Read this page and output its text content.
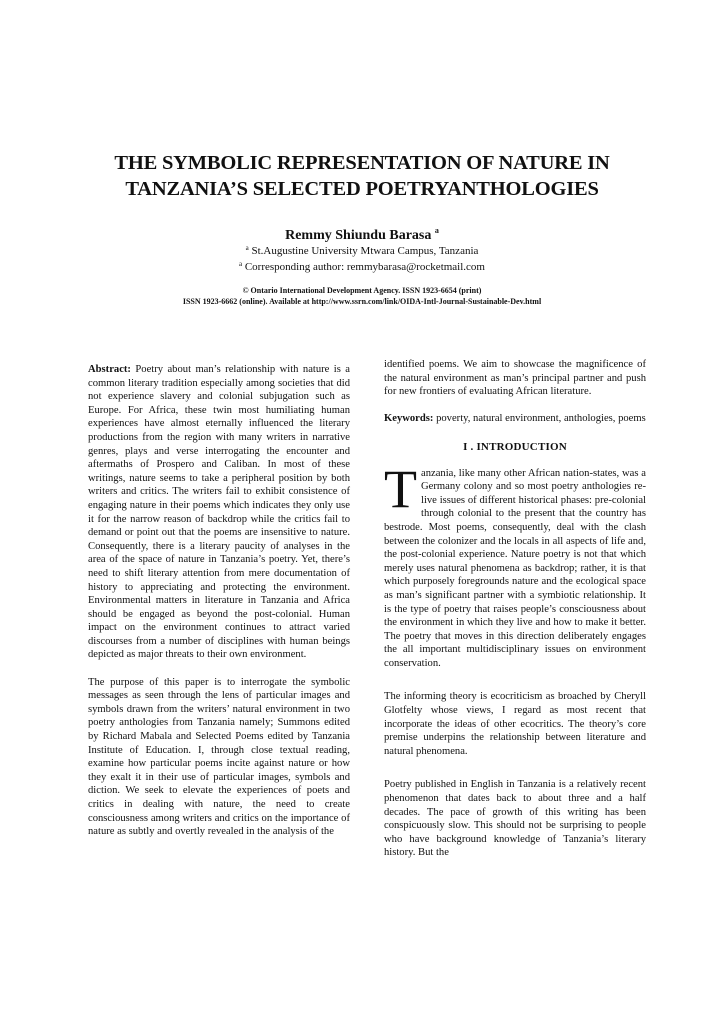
THE SYMBOLIC REPRESENTATION OF NATURE IN
TANZANIA’S SELECTED POETRYANTHOLOGIES
Remmy Shiundu Barasa $^a$
$^a$ St.Augustine University Mtwara Campus, Tanzania
$^a$ Corresponding author: remmybarasa@rocketmail.com
© Ontario International Development Agency. ISSN 1923-6654 (print)
ISSN 1923-6662 (online). Available at http://www.ssrn.com/link/OIDA-Intl-Journal-Sustainable-Dev.html

Abstract: Poetry about man’s relationship with nature is a common literary tradition especially among societies that did not experience slavery and colonial subjugation such as Europe. For Africa, these twin most humiliating human experiences have almost eternally influenced the literary productions from the region with many writers in narrative genres, plays and verse interrogating the encounter and aftermaths of Prospero and Caliban. In most of these writings, nature seems to take a peripheral position by both writers and critics. The writers fail to exhibit consistence of engaging nature in their poems which indicates they only use it for the narrow reason of backdrop while the critics fail to demand or point out that the poems are insensitive to nature. Consequently, there is a literary paucity of analyses in the area of the space of nature in Tanzania’s poetry. Yet, there’s need to shift literary attention from mere documentation of history to appreciating and protecting the environment. Environmental matters in literature in Tanzania and Africa should be engaged as beyond the post-colonial. Human impact on the environment continues to attract varied discourses from a number of disciplines with human beings depicted as major threats to their own environment.

The purpose of this paper is to interrogate the symbolic messages as seen through the lens of particular images and symbols drawn from the writers’ natural environment in two poetry anthologies from Tanzania namely; Summons edited by Richard Mabala and Selected Poems edited by Tanzania Institute of Education. I, through close textual reading, examine how particular poems incite against nature or how they exalt it in their use of particular images, symbols and diction. We seek to elevate the experiences of poets and critics in dealing with nature, the need to create consciousness among writers and critics on the importance of nature as subtly and overtly revealed in the analysis of the

identified poems. We aim to showcase the magnificence of the natural environment as man’s principal partner and push for new frontiers of evaluating African literature.

Keywords: poverty, natural environment, anthologies, poems

I . INTRODUCTION

Tanzania, like many other African nation-states, was a Germany colony and so most poetry anthologies re-live issues of different historical phases: pre-colonial through colonial to the present that the country has bestrode. Most poems, consequently, deal with the clash between the colonizer and the locals in all aspects of life and, the post-colonial experience. Nature poetry is not that which merely uses natural phenomena as backdrop; rather, it is that which purposely foregrounds nature and the ecological space as man’s significant partner with a symbiotic relationship. It is the type of poetry that raises people’s consciousness about the environment in which they live and how to make it better. The poetry that moves in this direction deliberately engages the all important multidisciplinary issues on environment conservation.

The informing theory is ecocriticism as broached by Cheryll Glotfelty whose views, I regard as most recent that incorporate the ideas of other ecocritics. The theory’s core premise underpins the relationship between literature and natural phenomena.

Poetry published in English in Tanzania is a relatively recent phenomenon that dates back to about three and a half decades. The pace of growth of this writing has been conspicuously slow. This should not be surprising to people who have background knowledge of Tanzania’s literary history. But the
